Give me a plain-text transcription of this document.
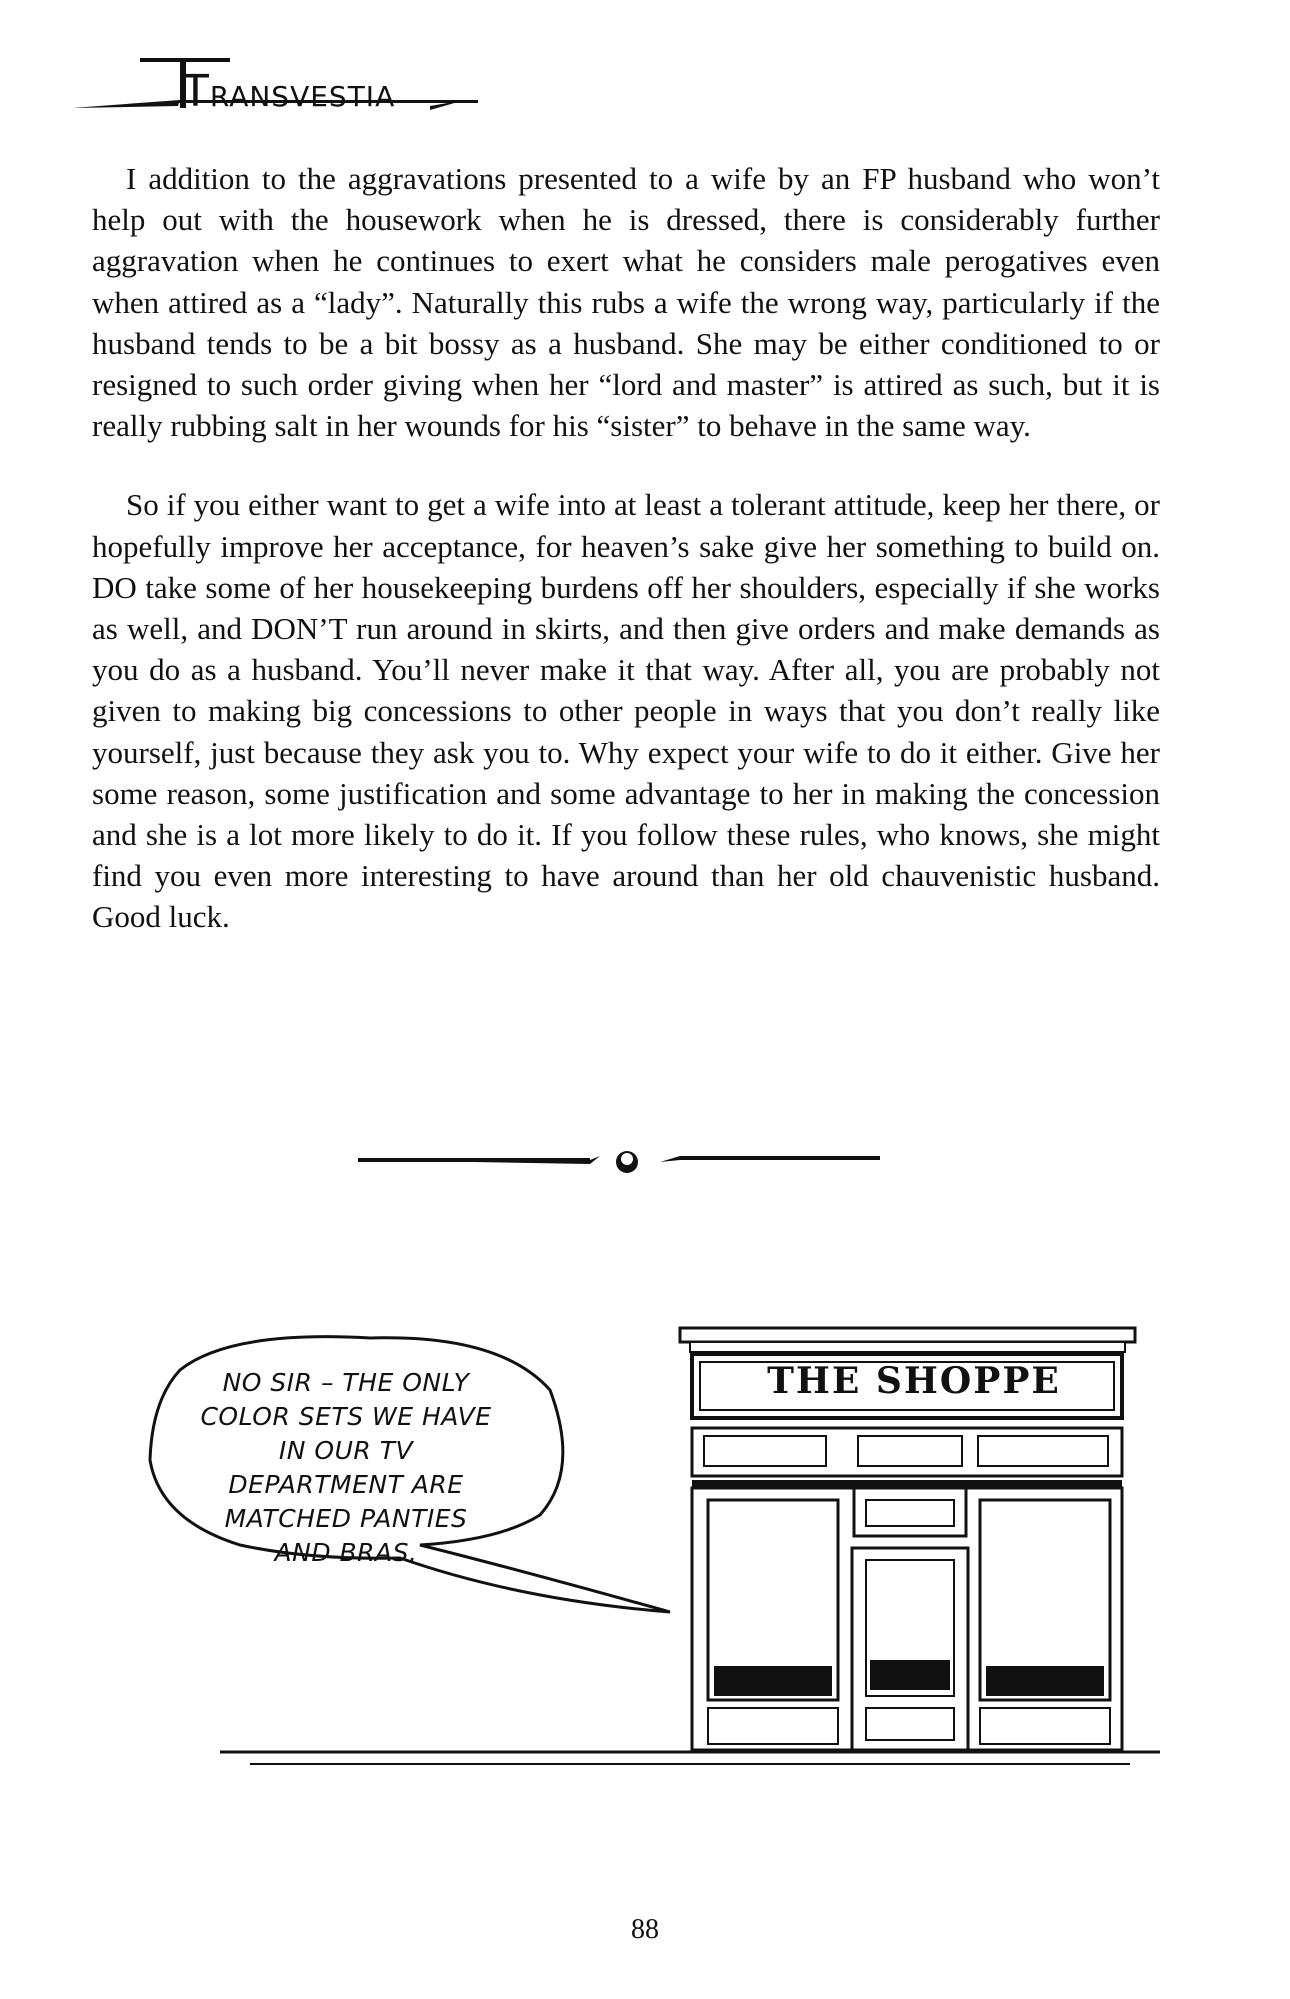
TRANSVESTIA

I addition to the aggravations presented to a wife by an FP husband who won’t help out with the housework when he is dressed, there is considerably further aggravation when he continues to exert what he considers male perogatives even when attired as a “lady”. Naturally this rubs a wife the wrong way, particularly if the husband tends to be a bit bossy as a husband. She may be either conditioned to or resigned to such order giving when her “lord and master” is attired as such, but it is really rubbing salt in her wounds for his “sister” to behave in the same way.

So if you either want to get a wife into at least a tolerant attitude, keep her there, or hopefully improve her acceptance, for heaven’s sake give her something to build on. DO take some of her housekeeping burdens off her shoulders, especially if she works as well, and DON’T run around in skirts, and then give orders and make demands as you do as a husband. You’ll never make it that way. After all, you are probably not given to making big concessions to other people in ways that you don’t really like yourself, just because they ask you to. Why expect your wife to do it either. Give her some reason, some justification and some advantage to her in making the concession and she is a lot more likely to do it. If you follow these rules, who knows, she might find you even more interesting to have around than her old chauvenistic husband. Good luck.

NO SIR – THE ONLY COLOR SETS WE HAVE IN OUR TV DEPARTMENT ARE MATCHED PANTIES AND BRAS.
THE SHOPPE
88
